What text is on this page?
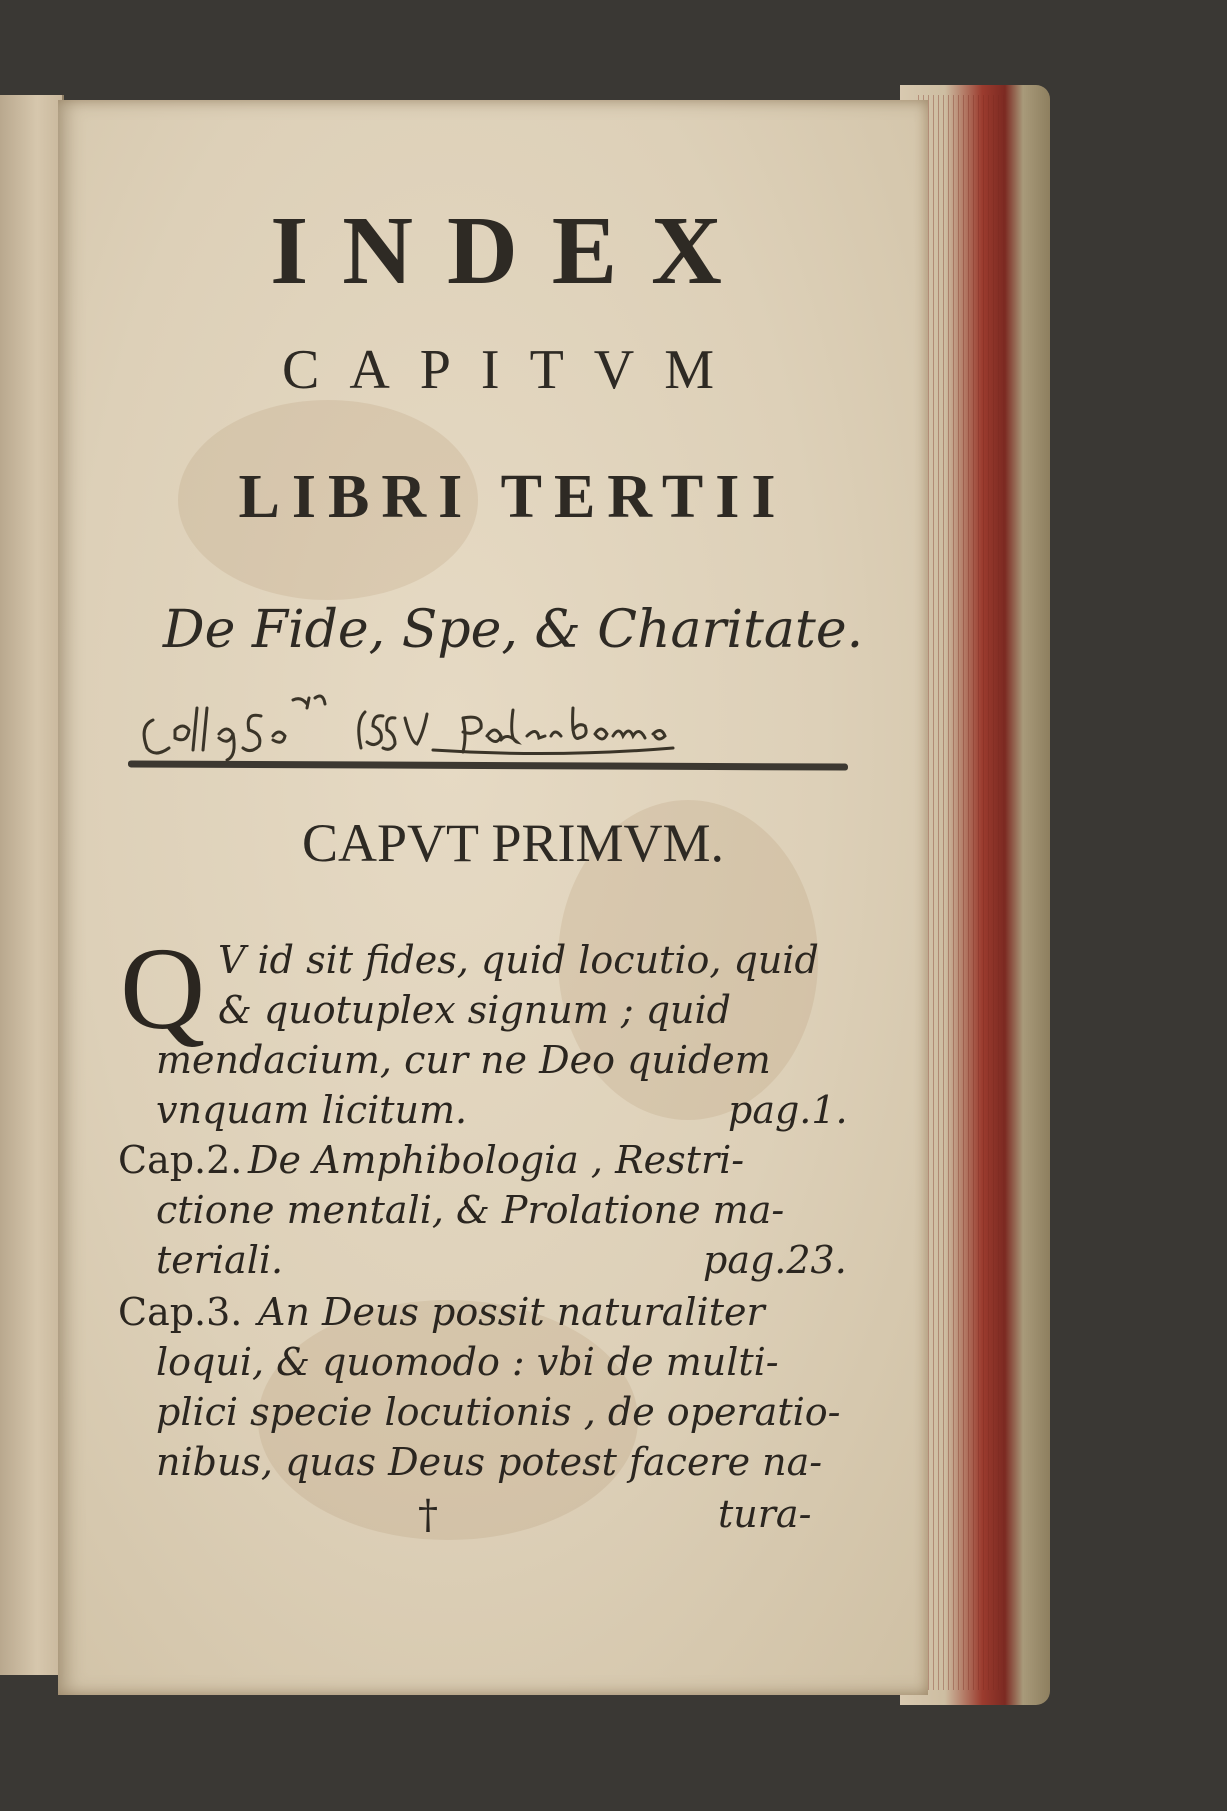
INDEX
CAPITVM
LIBRI TERTII
De Fide, Spe, & Charitate.
CAPVT PRIMVM.
Q V id sit fides, quid locutio, quid
& quotuplex signum ; quid
mendacium, cur ne Deo quidem
vnquam licitum.	pag.1.
Cap.2. De Amphibologia , Restri-
ctione mentali, & Prolatione ma-
teriali.	pag.23.
Cap.3. An Deus possit naturaliter
loqui, & quomodo : vbi de multi-
plici specie locutionis , de operatio-
nibus, quas Deus potest facere na-
†	tura-
